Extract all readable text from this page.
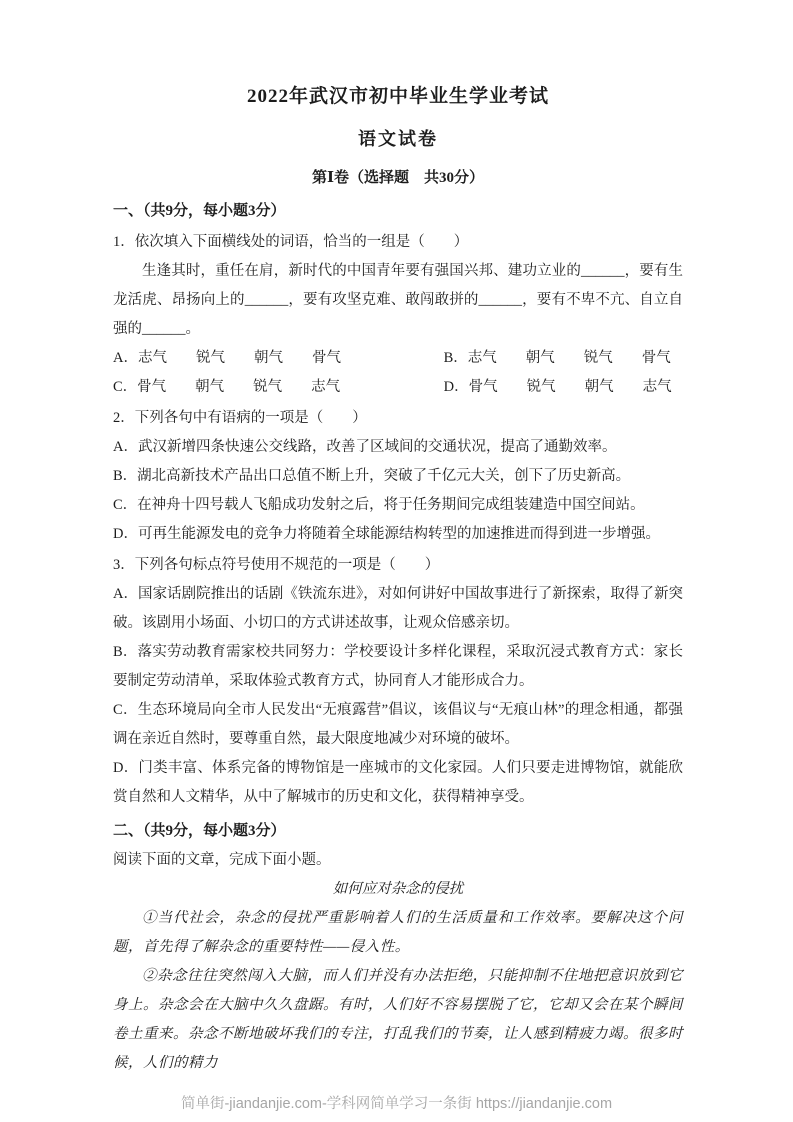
2022年武汉市初中毕业生学业考试
语文试卷
第Ⅰ卷（选择题　共30分）
一、（共9分，每小题3分）

1．依次填入下面横线处的词语，恰当的一组是（　　）

生逢其时，重任在肩，新时代的中国青年要有强国兴邦、建功立业的______，要有生龙活虎、昂扬向上的______，要有攻坚克难、敢闯敢拼的______，要有不卑不亢、自立自强的______。

A．志气　　锐气　　朝气　　骨气	B．志气　　朝气　　锐气　　骨气
C．骨气　　朝气　　锐气　　志气	D．骨气　　锐气　　朝气　　志气

2．下列各句中有语病的一项是（　　）

A．武汉新增四条快速公交线路，改善了区域间的交通状况，提高了通勤效率。

B．湖北高新技术产品出口总值不断上升，突破了千亿元大关，创下了历史新高。

C．在神舟十四号载人飞船成功发射之后，将于任务期间完成组装建造中国空间站。

D．可再生能源发电的竞争力将随着全球能源结构转型的加速推进而得到进一步增强。

3．下列各句标点符号使用不规范的一项是（　　）

A．国家话剧院推出的话剧《铁流东进》，对如何讲好中国故事进行了新探索，取得了新突破。该剧用小场面、小切口的方式讲述故事，让观众倍感亲切。

B．落实劳动教育需家校共同努力：学校要设计多样化课程，采取沉浸式教育方式：家长要制定劳动清单，采取体验式教育方式，协同育人才能形成合力。

C．生态环境局向全市人民发出“无痕露营”倡议，该倡议与“无痕山林”的理念相通，都强调在亲近自然时，要尊重自然，最大限度地减少对环境的破坏。

D．门类丰富、体系完备的博物馆是一座城市的文化家园。人们只要走进博物馆，就能欣赏自然和人文精华，从中了解城市的历史和文化，获得精神享受。

二、（共9分，每小题3分）

阅读下面的文章，完成下面小题。

如何应对杂念的侵扰

①当代社会，杂念的侵扰严重影响着人们的生活质量和工作效率。要解决这个问题，首先得了解杂念的重要特性——侵入性。

②杂念往往突然闯入大脑，而人们并没有办法拒绝，只能抑制不住地把意识放到它身上。杂念会在大脑中久久盘踞。有时，人们好不容易摆脱了它，它却又会在某个瞬间卷土重来。杂念不断地破坏我们的专注，打乱我们的节奏，让人感到精疲力竭。很多时候，人们的精力

简单街-jiandanjie.com-学科网简单学习一条街 https://jiandanjie.com
